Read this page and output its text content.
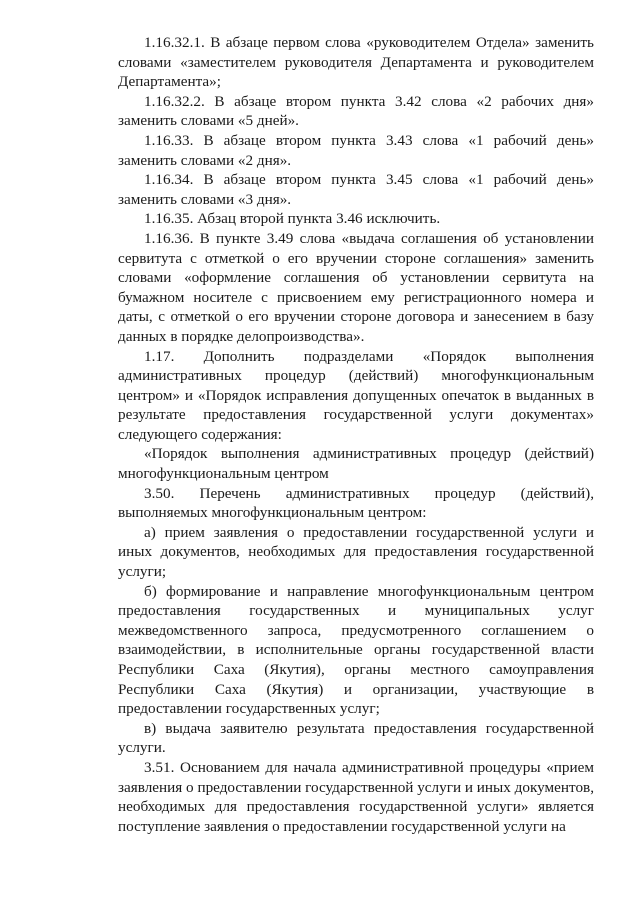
1.16.32.1. В абзаце первом слова «руководителем Отдела» заменить словами «заместителем руководителя Департамента и руководителем Департамента»;

1.16.32.2. В абзаце втором пункта 3.42 слова «2 рабочих дня» заменить словами «5 дней».

1.16.33. В абзаце втором пункта 3.43 слова «1 рабочий день» заменить словами «2 дня».

1.16.34. В абзаце втором пункта 3.45 слова «1 рабочий день» заменить словами «3 дня».

1.16.35. Абзац второй пункта 3.46 исключить.

1.16.36. В пункте 3.49 слова «выдача соглашения об установлении сервитута с отметкой о его вручении стороне соглашения» заменить словами «оформление соглашения об установлении сервитута на бумажном носителе с присвоением ему регистрационного номера и даты, с отметкой о его вручении стороне договора и занесением в базу данных в порядке делопроизводства».

1.17. Дополнить подразделами «Порядок выполнения административных процедур (действий) многофункциональным центром» и «Порядок исправления допущенных опечаток в выданных в результате предоставления государственной услуги документах» следующего содержания:

«Порядок выполнения административных процедур (действий) многофункциональным центром

3.50. Перечень административных процедур (действий), выполняемых многофункциональным центром:

а) прием заявления о предоставлении государственной услуги и иных документов, необходимых для предоставления государственной услуги;

б) формирование и направление многофункциональным центром предоставления государственных и муниципальных услуг межведомственного запроса, предусмотренного соглашением о взаимодействии, в исполнительные органы государственной власти Республики Саха (Якутия), органы местного самоуправления Республики Саха (Якутия) и организации, участвующие в предоставлении государственных услуг;

в) выдача заявителю результата предоставления государственной услуги.

3.51. Основанием для начала административной процедуры «прием заявления о предоставлении государственной услуги и иных документов, необходимых для предоставления государственной услуги» является поступление заявления о предоставлении государственной услуги на
